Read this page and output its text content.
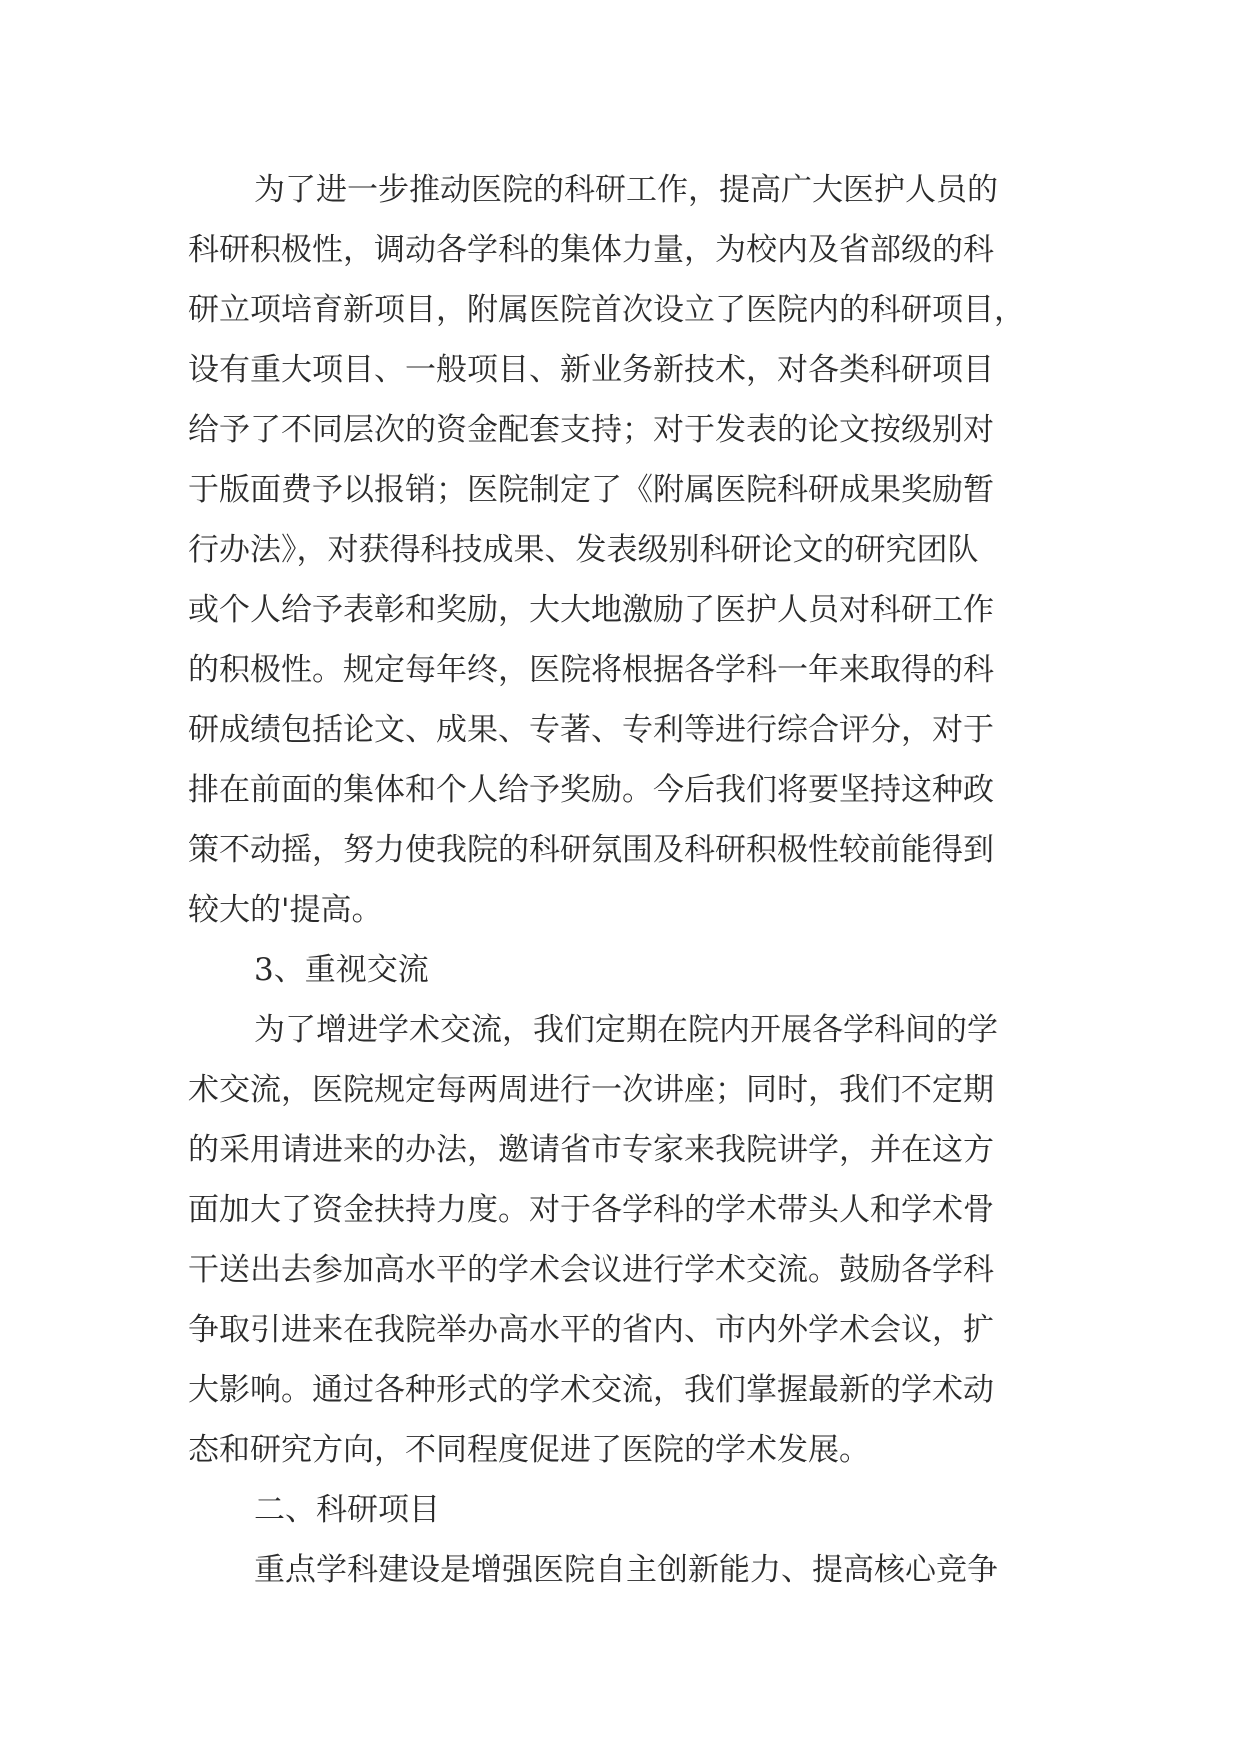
为了进一步推动医院的科研工作，提高广大医护人员的
科研积极性，调动各学科的集体力量，为校内及省部级的科
研立项培育新项目，附属医院首次设立了医院内的科研项目，
设有重大项目、一般项目、新业务新技术，对各类科研项目
给予了不同层次的资金配套支持；对于发表的论文按级别对
于版面费予以报销；医院制定了《附属医院科研成果奖励暂
行办法》，对获得科技成果、发表级别科研论文的研究团队
或个人给予表彰和奖励，大大地激励了医护人员对科研工作
的积极性。规定每年终，医院将根据各学科一年来取得的科
研成绩包括论文、成果、专著、专利等进行综合评分，对于
排在前面的集体和个人给予奖励。今后我们将要坚持这种政
策不动摇，努力使我院的科研氛围及科研积极性较前能得到
较大的'提高。
3、重视交流
为了增进学术交流，我们定期在院内开展各学科间的学
术交流，医院规定每两周进行一次讲座；同时，我们不定期
的采用请进来的办法，邀请省市专家来我院讲学，并在这方
面加大了资金扶持力度。对于各学科的学术带头人和学术骨
干送出去参加高水平的学术会议进行学术交流。鼓励各学科
争取引进来在我院举办高水平的省内、市内外学术会议，扩
大影响。通过各种形式的学术交流，我们掌握最新的学术动
态和研究方向，不同程度促进了医院的学术发展。
二、科研项目
重点学科建设是增强医院自主创新能力、提高核心竞争
